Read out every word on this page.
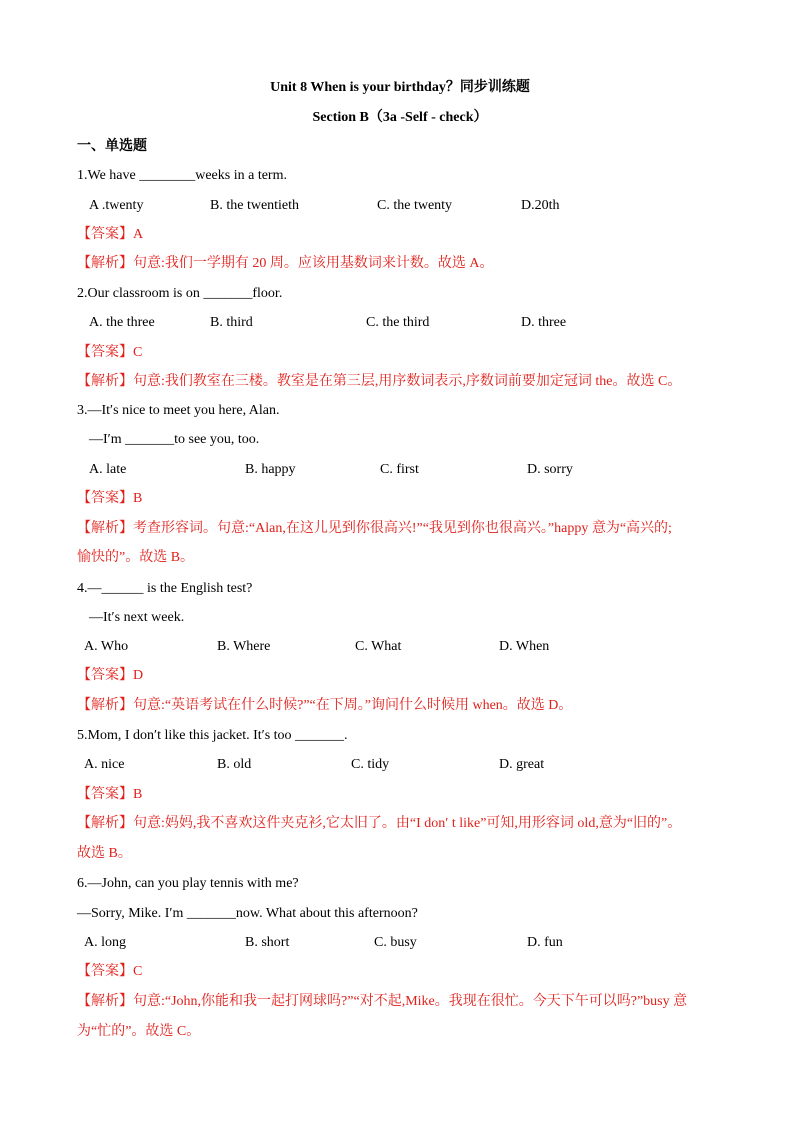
Unit 8 When is your birthday？同步训练题
Section B（3a -Self - check）
一、单选题
1.We have ________weeks in a term.
A .twenty	B. the twentieth	C. the twenty	D.20th
【答案】A
【解析】句意:我们一学期有 20 周。应该用基数词来计数。故选 A。
2.Our classroom is on _______floor.
A. the three	B. third	C. the third	D. three
【答案】C
【解析】句意:我们教室在三楼。教室是在第三层,用序数词表示,序数词前要加定冠词 the。故选 C。
3.—It′s nice to meet you here, Alan.
—I′m _______to see you, too.
A. late	B. happy	C. first	D. sorry
【答案】B
【解析】考查形容词。句意:“Alan,在这儿见到你很高兴!”“我见到你也很高兴。”happy 意为“高兴的;
愉快的”。故选 B。
4.—______ is the English test?
—It′s next week.
A. Who	B. Where	C. What	D. When
【答案】D
【解析】句意:“英语考试在什么时候?”“在下周。”询问什么时候用 when。故选 D。
5.Mom, I don′t like this jacket. It′s too _______.
A. nice	B. old	C. tidy	D. great
【答案】B
【解析】句意:妈妈,我不喜欢这件夹克衫,它太旧了。由“I don′ t like”可知,用形容词 old,意为“旧的”。
故选 B。
6.—John, can you play tennis with me?
—Sorry, Mike. I′m _______now. What about this afternoon?
A. long	B. short	C. busy	D. fun
【答案】C
【解析】句意:“John,你能和我一起打网球吗?”“对不起,Mike。我现在很忙。今天下午可以吗?”busy 意
为“忙的”。故选 C。
